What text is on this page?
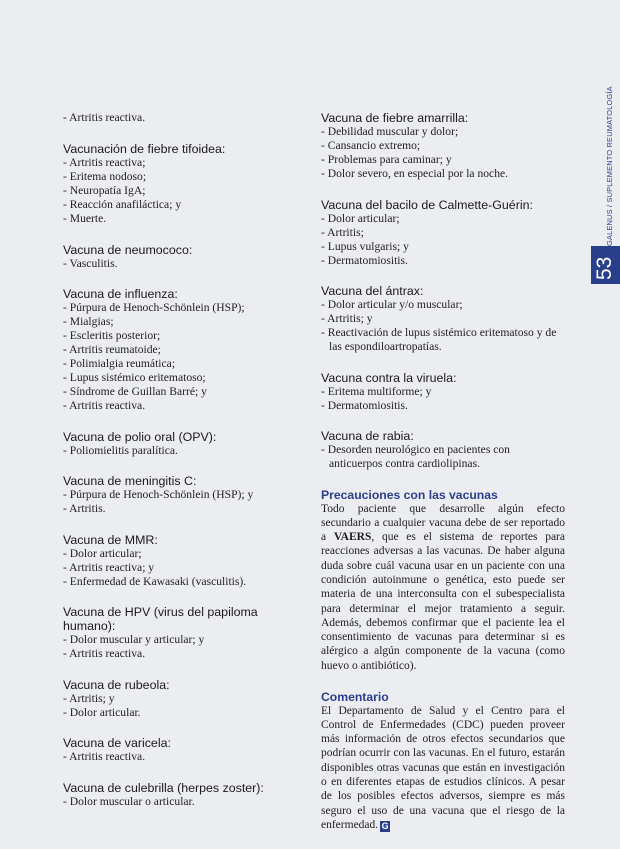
GALENUS / SUPLEMENTO REUMATOLOGÍA
53
- Artritis reactiva.

Vacunación de fiebre tifoidea:

- Artritis reactiva;
- Eritema nodoso;
- Neuropatía IgA;
- Reacción anafiláctica; y
- Muerte.

Vacuna de neumococo:

- Vasculitis.

Vacuna de influenza:

- Púrpura de Henoch-Schönlein (HSP);
- Mialgias;
- Escleritis posterior;
- Artritis reumatoide;
- Polimialgia reumática;
- Lupus sistémico eritematoso;
- Síndrome de Guillan Barré; y
- Artritis reactiva.

Vacuna de polio oral (OPV):

- Poliomielitis paralítica.

Vacuna de meningitis C:

- Púrpura de Henoch-Schönlein (HSP); y
- Artritis.

Vacuna de MMR:

- Dolor articular;
- Artritis reactiva; y
- Enfermedad de Kawasaki (vasculitis).

Vacuna de HPV (virus del papiloma humano):

- Dolor muscular y articular; y
- Artritis reactiva.

Vacuna de rubeola:

- Artritis; y
- Dolor articular.

Vacuna de varicela:

- Artritis reactiva.

Vacuna de culebrilla (herpes zoster):

- Dolor muscular o articular.

Vacuna de fiebre amarrilla:

- Debilidad muscular y dolor;
- Cansancio extremo;
- Problemas para caminar; y
- Dolor severo, en especial por la noche.

Vacuna del bacilo de Calmette-Guérin:

- Dolor articular;
- Artritis;
- Lupus vulgaris; y
- Dermatomiositis.

Vacuna del ántrax:

- Dolor articular y/o muscular;
- Artritis; y
- Reactivación de lupus sistémico eritematoso y de las espondiloartropatías.

Vacuna contra la viruela:

- Eritema multiforme; y
- Dermatomiositis.

Vacuna de rabia:

- Desorden neurológico en pacientes con anticuerpos contra cardiolipinas.

Precauciones con las vacunas

Todo paciente que desarrolle algún efecto secundario a cualquier vacuna debe de ser reportado a VAERS, que es el sistema de reportes para reacciones adversas a las vacunas. De haber alguna duda sobre cuál vacuna usar en un paciente con una condición autoinmune o genética, esto puede ser materia de una interconsulta con el subespecialista para determinar el mejor tratamiento a seguir. Además, debemos confirmar que el paciente lea el consentimiento de vacunas para determinar si es alérgico a algún componente de la vacuna (como huevo o antibiótico).

Comentario

El Departamento de Salud y el Centro para el Control de Enfermedades (CDC) pueden proveer más información de otros efectos secundarios que podrían ocurrir con las vacunas. En el futuro, estarán disponibles otras vacunas que están en investigación o en diferentes etapas de estudios clínicos. A pesar de los posibles efectos adversos, siempre es más seguro el uso de una vacuna que el riesgo de la enfermedad. G
